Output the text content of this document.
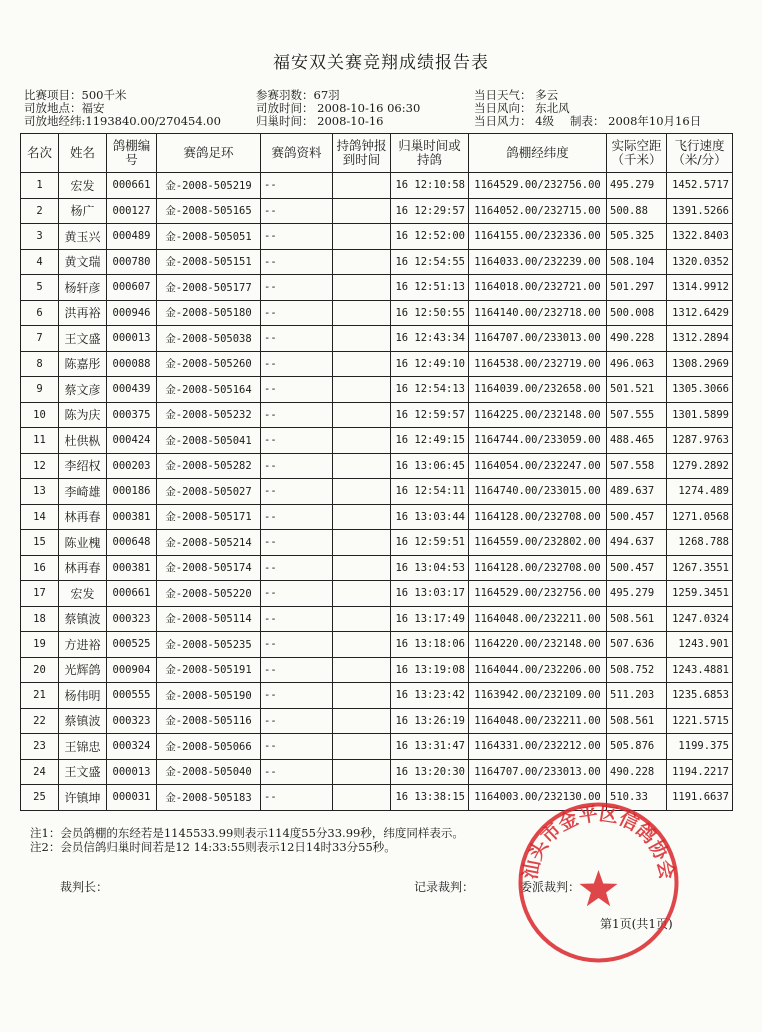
福安双关赛竞翔成绩报告表
比赛项目：500千米
司放地点：福安
司放地经纬:1193840.00/270454.00
参赛羽数：67羽
司放时间： 2008-10-16 06:30
归巢时间： 2008-10-16
当日天气： 多云
当日风向： 东北风
当日风力： 4级	制表： 2008年10月16日
名次	姓名	鸽棚编号	赛鸽足环	赛鸽资料	持鸽钟报到时间	归巢时间或持鸽	鸽棚经纬度	实际空距（千米）	飞行速度（米/分）
1	宏发	000661	金-2008-505219	--		16 12:10:58	1164529.00/232756.00	495.279	1452.5717
2	杨广	000127	金-2008-505165	--		16 12:29:57	1164052.00/232715.00	500.88	1391.5266
3	黄玉兴	000489	金-2008-505051	--		16 12:52:00	1164155.00/232336.00	505.325	1322.8403
4	黄文瑞	000780	金-2008-505151	--		16 12:54:55	1164033.00/232239.00	508.104	1320.0352
5	杨轩彦	000607	金-2008-505177	--		16 12:51:13	1164018.00/232721.00	501.297	1314.9912
6	洪再裕	000946	金-2008-505180	--		16 12:50:55	1164140.00/232718.00	500.008	1312.6429
7	王文盛	000013	金-2008-505038	--		16 12:43:34	1164707.00/233013.00	490.228	1312.2894
8	陈嘉彤	000088	金-2008-505260	--		16 12:49:10	1164538.00/232719.00	496.063	1308.2969
9	蔡文彦	000439	金-2008-505164	--		16 12:54:13	1164039.00/232658.00	501.521	1305.3066
10	陈为庆	000375	金-2008-505232	--		16 12:59:57	1164225.00/232148.00	507.555	1301.5899
11	杜供枞	000424	金-2008-505041	--		16 12:49:15	1164744.00/233059.00	488.465	1287.9763
12	李绍权	000203	金-2008-505282	--		16 13:06:45	1164054.00/232247.00	507.558	1279.2892
13	李崎雄	000186	金-2008-505027	--		16 12:54:11	1164740.00/233015.00	489.637	1274.489
14	林再春	000381	金-2008-505171	--		16 13:03:44	1164128.00/232708.00	500.457	1271.0568
15	陈业槐	000648	金-2008-505214	--		16 12:59:51	1164559.00/232802.00	494.637	1268.788
16	林再春	000381	金-2008-505174	--		16 13:04:53	1164128.00/232708.00	500.457	1267.3551
17	宏发	000661	金-2008-505220	--		16 13:03:17	1164529.00/232756.00	495.279	1259.3451
18	蔡镇波	000323	金-2008-505114	--		16 13:17:49	1164048.00/232211.00	508.561	1247.0324
19	方进裕	000525	金-2008-505235	--		16 13:18:06	1164220.00/232148.00	507.636	1243.901
20	光辉鸽	000904	金-2008-505191	--		16 13:19:08	1164044.00/232206.00	508.752	1243.4881
21	杨伟明	000555	金-2008-505190	--		16 13:23:42	1163942.00/232109.00	511.203	1235.6853
22	蔡镇波	000323	金-2008-505116	--		16 13:26:19	1164048.00/232211.00	508.561	1221.5715
23	王锦忠	000324	金-2008-505066	--		16 13:31:47	1164331.00/232212.00	505.876	1199.375
24	王文盛	000013	金-2008-505040	--		16 13:20:30	1164707.00/233013.00	490.228	1194.2217
25	许镇坤	000031	金-2008-505183	--		16 13:38:15	1164003.00/232130.00	510.33	1191.6637
注1：会员鸽棚的东经若是1145533.99则表示114度55分33.99秒，纬度同样表示。
注2：会员信鸽归巢时间若是12 14:33:55则表示12日14时33分55秒。
裁判长：	记录裁判：	委派裁判：
第1页(共1页)
汕头市金平区信鸽协会
